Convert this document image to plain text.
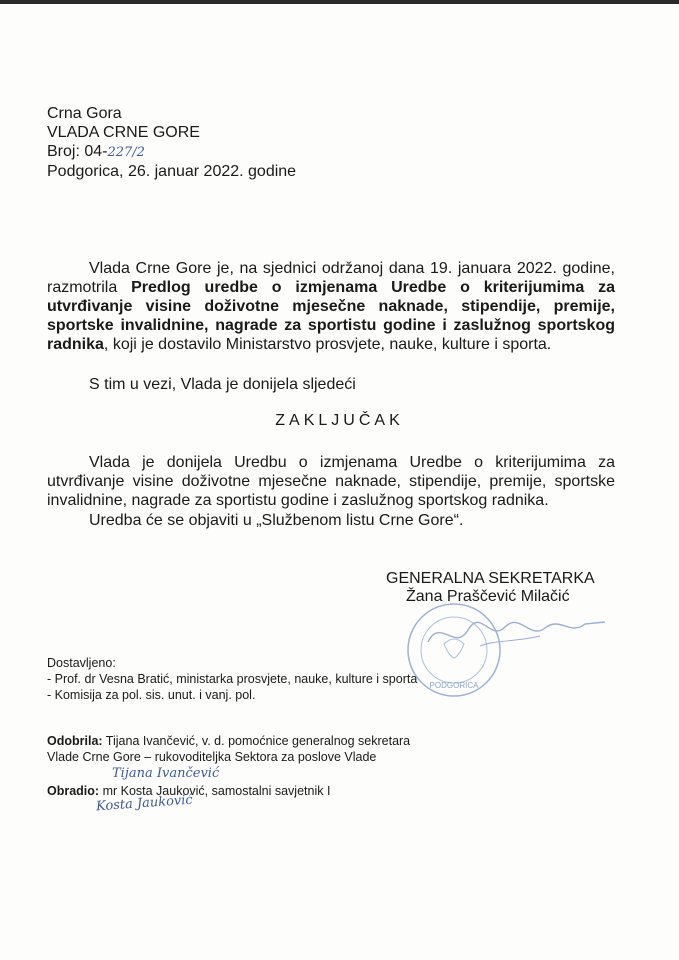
Crna Gora
VLADA CRNE GORE
Broj: 04-227/2
Podgorica, 26. januar 2022. godine
Vlada Crne Gore je, na sjednici održanoj dana 19. januara 2022. godine, razmotrila Predlog uredbe o izmjenama Uredbe o kriterijumima za utvrđivanje visine doživotne mjesečne naknade, stipendije, premije, sportske invalidnine, nagrade za sportistu godine i zaslužnog sportskog radnika, koji je dostavilo Ministarstvo prosvjete, nauke, kulture i sporta.
S tim u vezi, Vlada je donijela sljedeći
ZAKLJUČAK
Vlada je donijela Uredbu o izmjenama Uredbe o kriterijumima za utvrđivanje visine doživotne mjesečne naknade, stipendije, premije, sportske invalidnine, nagrade za sportistu godine i zaslužnog sportskog radnika.
Uredba će se objaviti u „Službenom listu Crne Gore“.
GENERALNA SEKRETARKA
Žana Praščević Milačić
PODGORICA
Dostavljeno:
- Prof. dr Vesna Bratić, ministarka prosvjete, nauke, kulture i sporta
- Komisija za pol. sis. unut. i vanj. pol.
Odobrila: Tijana Ivančević, v. d. pomoćnice generalnog sekretara
Vlade Crne Gore – rukovoditeljka Sektora za poslove Vlade
Tijana Ivančević
Obradio: mr Kosta Jauković, samostalni savjetnik I
Kosta Jauković
